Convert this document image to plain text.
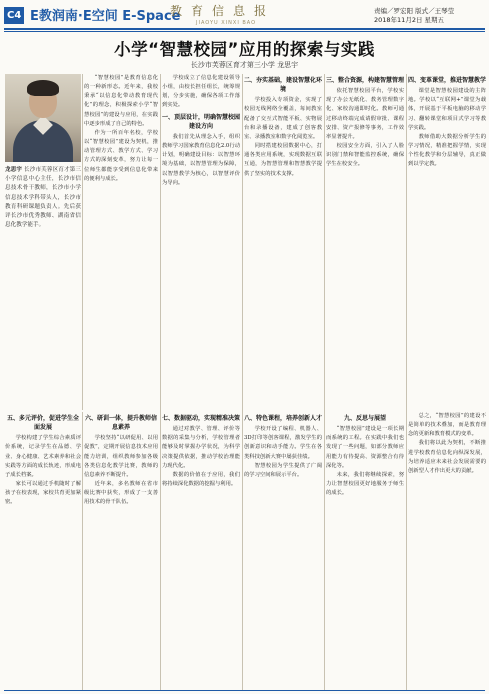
C4 E教润南·E空间 E-Space
教育信息报
JIAOYU XINXI BAO
责编／罗宏阳 版式／王琴莹
2018年11月2日 星期五
小学“智慧校园”应用的探索与实践
长沙市芙蓉区育才第三小学 龙思宇
龙思宇 长沙市芙蓉区育才第三小学信息中心主任，长沙市信息技术骨干教师，长沙市小学信息技术学科带头人，长沙市教育科研课题负责人。先后获评长沙市优秀教师、湖南省信息化教学能手。

“智慧校园”是教育信息化的一种新形态。近年来，我校秉承“以信息化带动教育现代化”的理念，积极探索小学“智慧校园”的建设与应用，在实践中逐步形成了自己的特色。

作为一所百年名校，学校以“智慧校园”建设为契机，推动管理方式、教学方式、学习方式的深刻变革，努力让每一位师生都能享受到信息化带来的便利与成长。

学校成立了信息化建设领导小组，由校长担任组长，统筹规划，分步实施，确保各项工作落到实处。

一、顶层设计，明确智慧校园建设方向

我们首先从理念入手，组织教师学习国家教育信息化2.0行动计划，明确建设目标：以智慧环境为基础，以智慧管理为保障，以智慧教学为核心，以智慧评价为导向。

二、夯实基础，建设智慧化环境

学校投入专项资金，实现了校园无线网络全覆盖，每间教室配备了交互式智能平板、实物展台和录播设备，建成了创客教室、录播教室和数字化阅览室。

同时搭建校园数据中心，打通各类应用系统，实现数据互联互通，为智慧管理和智慧教学提供了坚实的技术支撑。

三、整合资源，构建智慧管理

依托智慧校园平台，学校实现了办公无纸化、教务管理数字化、家校沟通即时化。教师可通过移动终端完成请假审批、课程安排、资产报修等事务，工作效率显著提升。

校园安全方面，引入了人脸识别门禁和智能监控系统，确保学生在校安全。

四、变革课堂，推进智慧教学

课堂是智慧校园建设的主阵地。学校以“互联网+”课堂为载体，开展基于平板电脑的移动学习、翻转课堂和项目式学习等教学实践。

教师借助大数据分析学生的学习情况，精准把握学情，实现个性化教学和分层辅导，真正做到以学定教。

五、多元评价，促进学生全面发展

学校构建了学生综合素质评价系统，记录学生在品德、学业、身心健康、艺术素养和社会实践等方面的成长轨迹，形成电子成长档案。

家长可以通过手机随时了解孩子在校表现，家校共育更加紧密。

六、研训一体，提升教师信息素养

学校坚持“以研促用、以用促教”，定期开展信息技术应用能力培训，组织教师参加各级各类信息化教学比赛，教师的信息素养不断提升。

近年来，多名教师在省市级比赛中获奖，形成了一支善用技术的骨干队伍。

七、数据驱动，实现精准决策

通过对教学、管理、评价等数据的采集与分析，学校管理者能够及时掌握办学状况，为科学决策提供依据，推动学校治理能力现代化。

数据的价值在于应用，我们将持续深化数据的挖掘与利用。

八、特色课程，培养创新人才

学校开设了编程、机器人、3D打印等创客课程，激发学生的创新意识和动手能力。学生在各类科技创新大赛中屡获佳绩。

智慧校园为学生提供了广阔的学习空间和展示平台。

九、反思与展望

“智慧校园”建设是一项长期而系统的工程。在实践中我们也发现了一些问题，如部分教师应用能力有待提高、资源整合有待深化等。

未来，我们将继续探索，努力让智慧校园更好地服务于师生的成长。

总之，“智慧校园”的建设不是简单的技术叠加，而是教育理念的更新和教育模式的变革。

我们将以此为契机，不断推进学校教育信息化向纵深发展，为培养适应未来社会发展需要的创新型人才作出更大的贡献。
